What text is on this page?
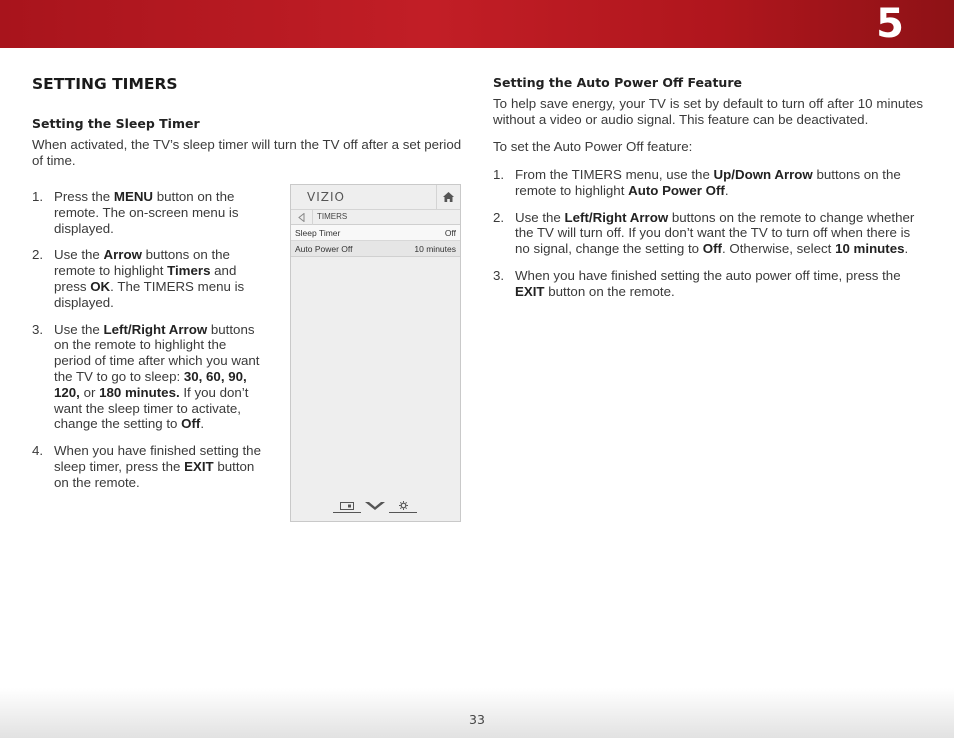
5
SETTING TIMERS
Setting the Sleep Timer

When activated, the TV’s sleep timer will turn the TV off after a set period of time.

1. Press the MENU button on the remote. The on-screen menu is displayed.
2. Use the Arrow buttons on the remote to highlight Timers and press OK. The TIMERS menu is displayed.
3. Use the Left/Right Arrow buttons on the remote to highlight the period of time after which you want the TV to go to sleep: 30, 60, 90, 120, or 180 minutes. If you don’t want the sleep timer to activate, change the setting to Off.
4. When you have finished setting the sleep timer, press the EXIT button on the remote.
VIZIO
TIMERS
Sleep Timer	Off
Auto Power Off	10 minutes
Setting the Auto Power Off Feature

To help save energy, your TV is set by default to turn off after 10 minutes without a video or audio signal. This feature can be deactivated.

To set the Auto Power Off feature:

1. From the TIMERS menu, use the Up/Down Arrow buttons on the remote to highlight Auto Power Off.
2. Use the Left/Right Arrow buttons on the remote to change whether the TV will turn off. If you don’t want the TV to turn off when there is no signal, change the setting to Off. Otherwise, select 10 minutes.
3. When you have finished setting the auto power off time, press the EXIT button on the remote.
33
